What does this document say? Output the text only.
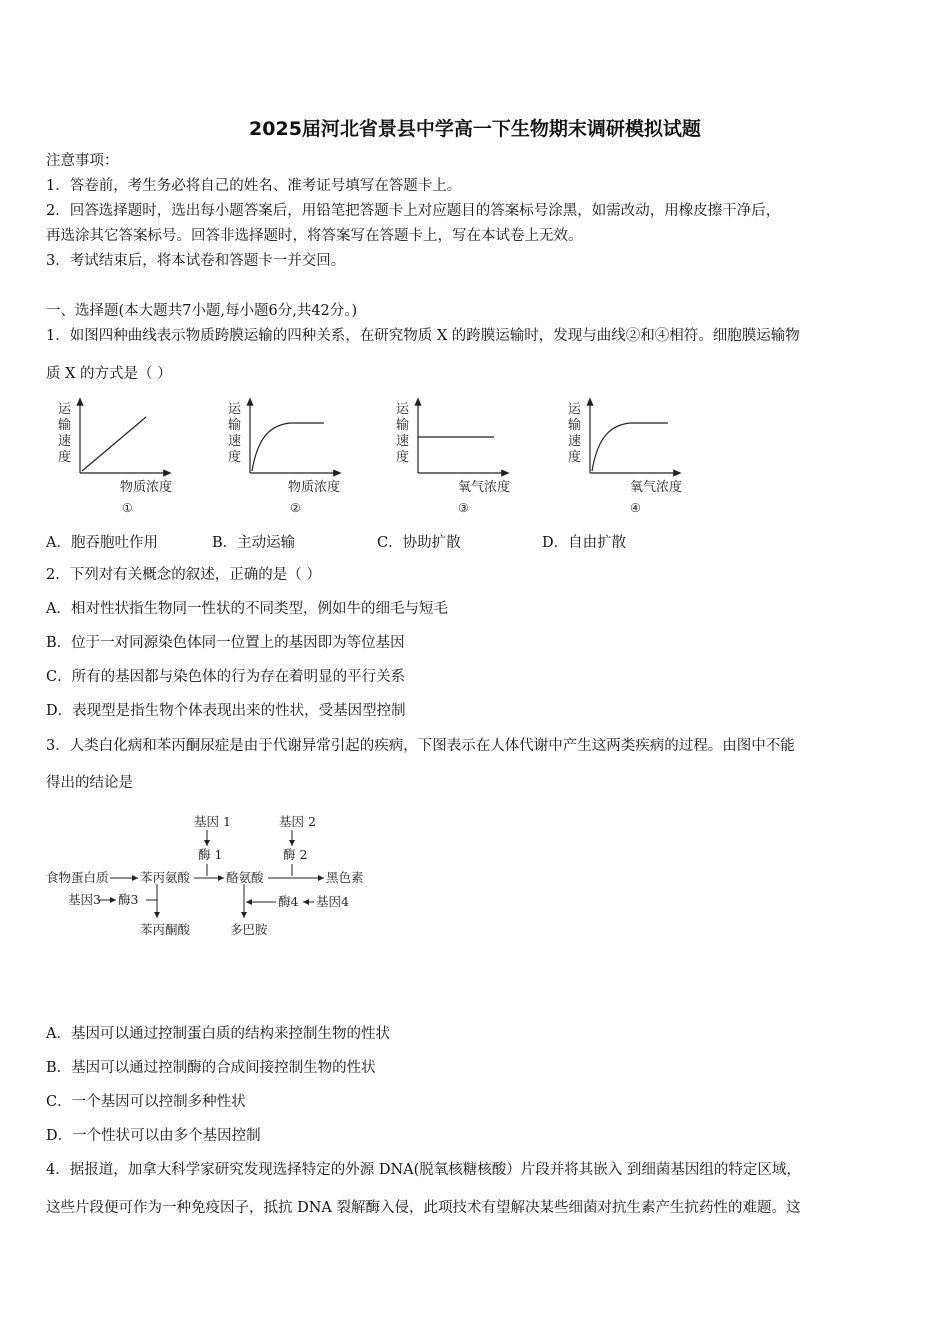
2025届河北省景县中学高一下生物期末调研模拟试题
注意事项：
1．答卷前，考生务必将自己的姓名、准考证号填写在答题卡上。
2．回答选择题时，选出每小题答案后，用铅笔把答题卡上对应题目的答案标号涂黑，如需改动，用橡皮擦干净后，
再选涂其它答案标号。回答非选择题时，将答案写在答题卡上，写在本试卷上无效。
3．考试结束后，将本试卷和答题卡一并交回。
一、选择题(本大题共7小题,每小题6分,共42分。)
1．如图四种曲线表示物质跨膜运输的四种关系，在研究物质 X 的跨膜运输时，发现与曲线②和④相符。细胞膜运输物
质 X 的方式是（ ）
运
输
速
度
物质浓度
①
运
输
速
度
物质浓度
②
运
输
速
度
氧气浓度
③
运
输
速
度
氧气浓度
④
A．胞吞胞吐作用	B．主动运输	C．协助扩散	D．自由扩散
2．下列对有关概念的叙述，正确的是（ ）
A．相对性状指生物同一性状的不同类型，例如牛的细毛与短毛
B．位于一对同源染色体同一位置上的基因即为等位基因
C．所有的基因都与染色体的行为存在着明显的平行关系
D．表现型是指生物个体表现出来的性状，受基因型控制
3．人类白化病和苯丙酮尿症是由于代谢异常引起的疾病，下图表示在人体代谢中产生这两类疾病的过程。由图中不能
得出的结论是
基因 1
酶 1
基因 2
酶 2
食物蛋白质	苯丙氨酸	酪氨酸	黑色素
基因3 酶3	酶4 基因4
苯丙酮酸	多巴胺
A．基因可以通过控制蛋白质的结构来控制生物的性状
B．基因可以通过控制酶的合成间接控制生物的性状
C．一个基因可以控制多种性状
D．一个性状可以由多个基因控制
4．据报道，加拿大科学家研究发现选择特定的外源 DNA(脱氧核糖核酸）片段并将其嵌入 到细菌基因组的特定区域，
这些片段便可作为一种免疫因子，抵抗 DNA 裂解酶入侵，此项技术有望解决某些细菌对抗生素产生抗药性的难题。这
